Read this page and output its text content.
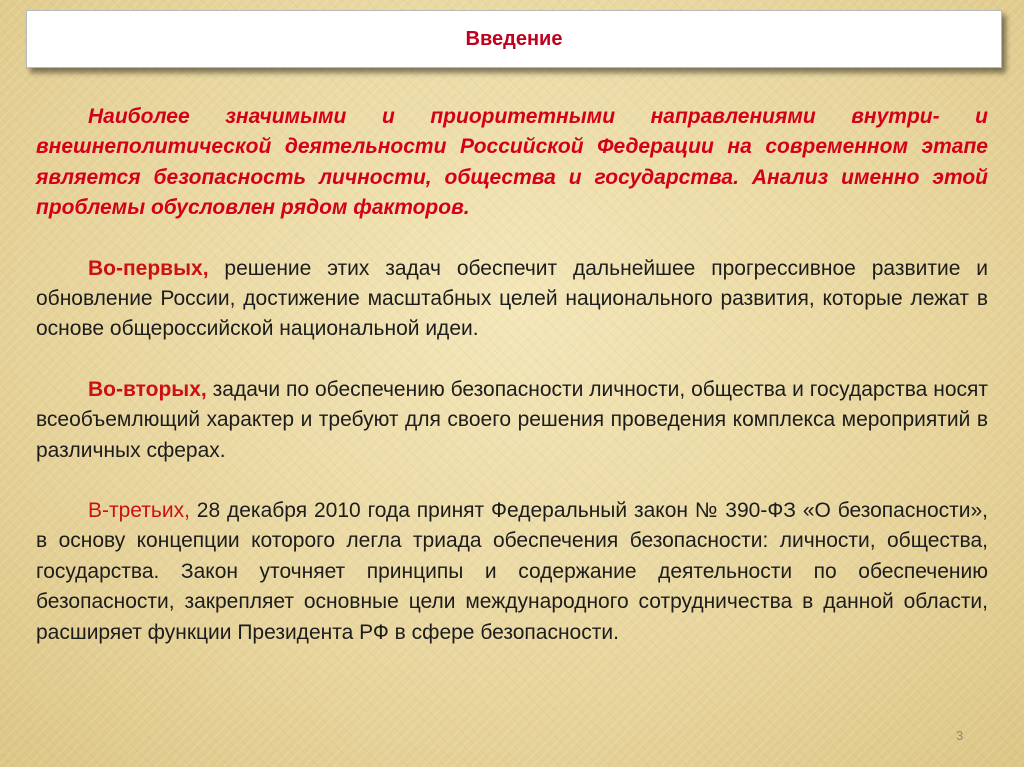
Введение

Наиболее значимыми и приоритетными направлениями внутри- и внешнеполитической деятельности Российской Федерации на современном этапе является безопасность личности, общества и государства. Анализ именно этой проблемы обусловлен рядом факторов.

Во-первых, решение этих задач обеспечит дальнейшее прогрессивное развитие и обновление России, достижение масштабных целей национального развития, которые лежат в основе общероссийской национальной идеи.

Во-вторых, задачи по обеспечению безопасности личности, общества и государства носят всеобъемлющий характер и требуют для своего решения проведения комплекса мероприятий в различных сферах.

В-третьих, 28 декабря 2010 года принят Федеральный закон № 390-ФЗ «О безопасности», в основу концепции которого легла триада обеспечения безопасности: личности, общества, государства. Закон уточняет принципы и содержание деятельности по обеспечению безопасности, закрепляет основные цели международного сотрудничества в данной области, расширяет функции Президента РФ в сфере безопасности.

3
